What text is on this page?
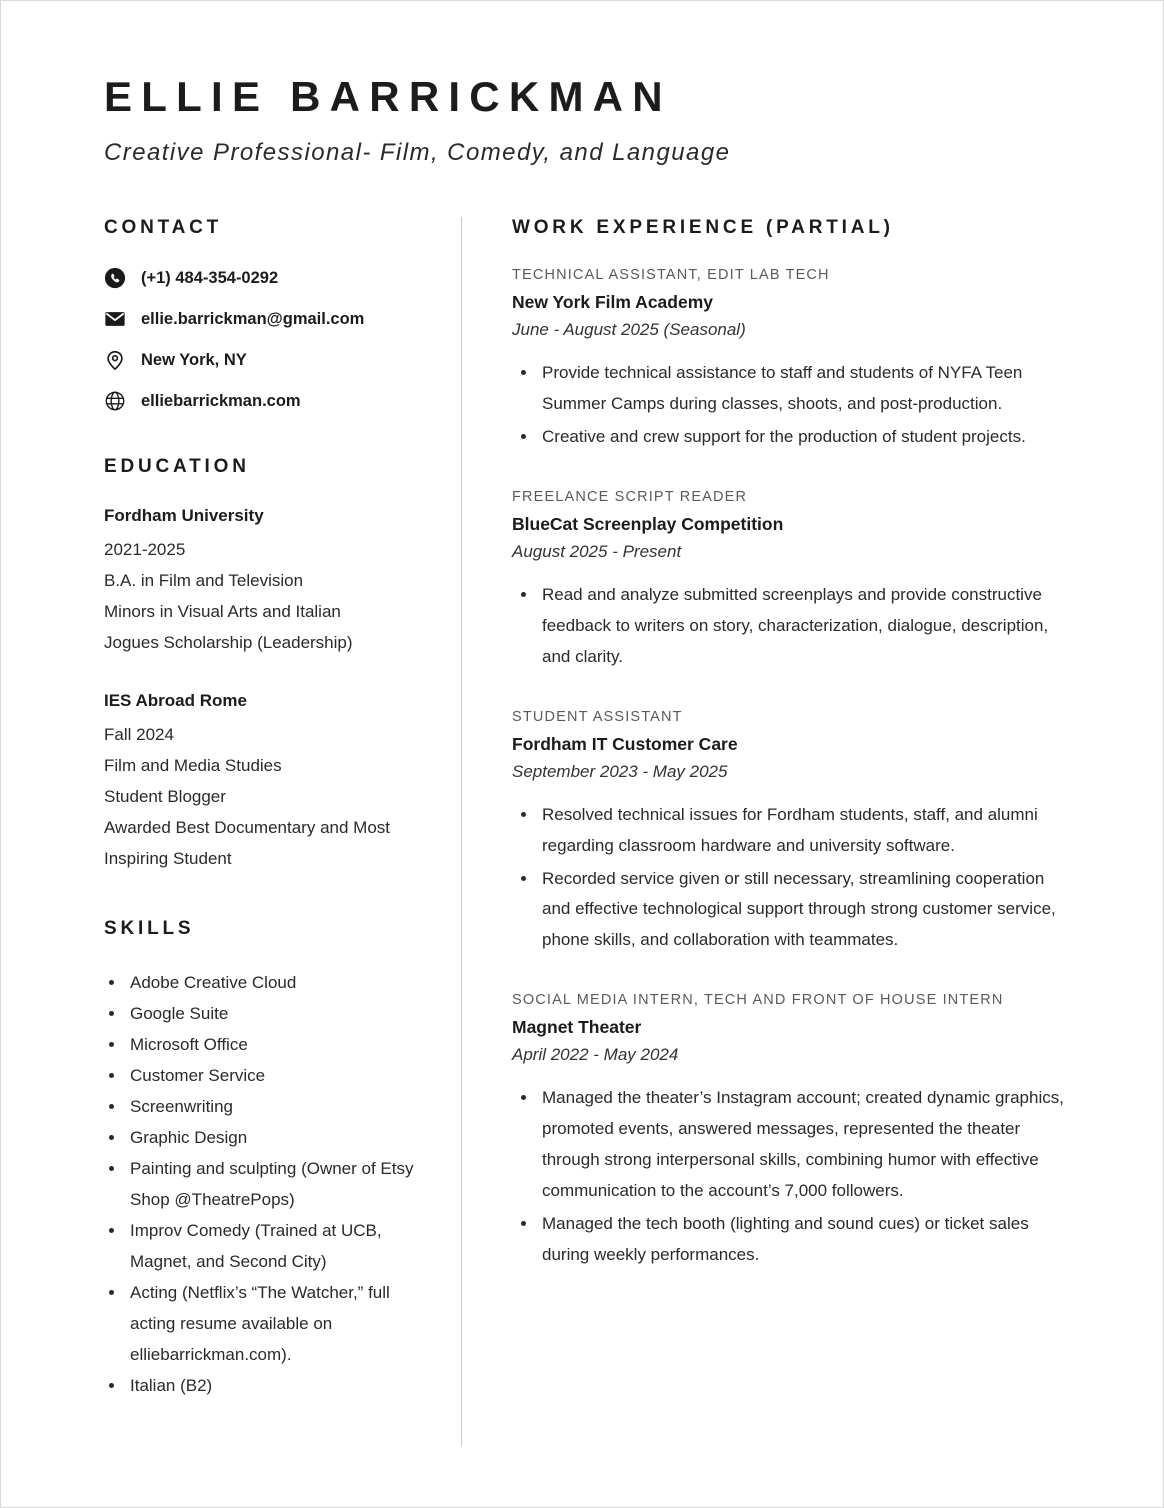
ELLIE BARRICKMAN
Creative Professional- Film, Comedy, and Language
CONTACT
(+1) 484-354-0292
ellie.barrickman@gmail.com
New York, NY
elliebarrickman.com
EDUCATION
Fordham University
2021-2025
B.A. in Film and Television
Minors in Visual Arts and Italian
Jogues Scholarship (Leadership)
IES Abroad Rome
Fall 2024
Film and Media Studies
Student Blogger
Awarded Best Documentary and Most Inspiring Student
SKILLS
• Adobe Creative Cloud
• Google Suite
• Microsoft Office
• Customer Service
• Screenwriting
• Graphic Design
• Painting and sculpting (Owner of Etsy Shop @TheatrePops)
• Improv Comedy (Trained at UCB, Magnet, and Second City)
• Acting (Netflix’s “The Watcher,” full acting resume available on elliebarrickman.com).
• Italian (B2)
WORK EXPERIENCE (PARTIAL)
TECHNICAL ASSISTANT, EDIT LAB TECH
New York Film Academy
June - August 2025 (Seasonal)
• Provide technical assistance to staff and students of NYFA Teen Summer Camps during classes, shoots, and post-production.
• Creative and crew support for the production of student projects.
FREELANCE SCRIPT READER
BlueCat Screenplay Competition
August 2025 - Present
• Read and analyze submitted screenplays and provide constructive feedback to writers on story, characterization, dialogue, description, and clarity.
STUDENT ASSISTANT
Fordham IT Customer Care
September 2023 - May 2025
• Resolved technical issues for Fordham students, staff, and alumni regarding classroom hardware and university software.
• Recorded service given or still necessary, streamlining cooperation and effective technological support through strong customer service, phone skills, and collaboration with teammates.
SOCIAL MEDIA INTERN, TECH AND FRONT OF HOUSE INTERN
Magnet Theater
April 2022 - May 2024
• Managed the theater’s Instagram account; created dynamic graphics, promoted events, answered messages, represented the theater through strong interpersonal skills, combining humor with effective communication to the account’s 7,000 followers.
• Managed the tech booth (lighting and sound cues) or ticket sales during weekly performances.
